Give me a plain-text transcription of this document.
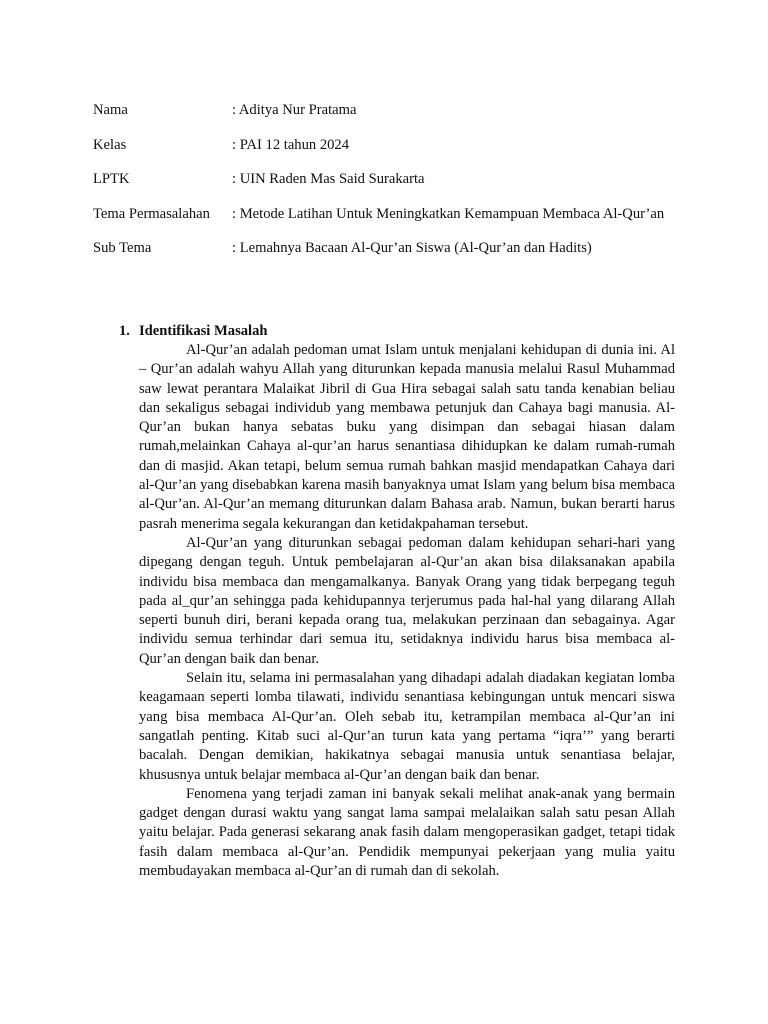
Nama	: Aditya Nur Pratama
Kelas	: PAI 12 tahun 2024
LPTK	: UIN Raden Mas Said Surakarta
Tema Permasalahan	: Metode Latihan Untuk Meningkatkan Kemampuan Membaca Al-Qur’an
Sub Tema	: Lemahnya Bacaan Al-Qur’an Siswa (Al-Qur’an dan Hadits)
1. Identifikasi Masalah

Al-Qur’an adalah pedoman umat Islam untuk menjalani kehidupan di dunia ini. Al – Qur’an adalah wahyu Allah yang diturunkan kepada manusia melalui Rasul Muhammad saw lewat perantara Malaikat Jibril di Gua Hira sebagai salah satu tanda kenabian beliau dan sekaligus sebagai individub yang membawa petunjuk dan Cahaya bagi manusia. Al-Qur’an bukan hanya sebatas buku yang disimpan dan sebagai hiasan dalam rumah,melainkan Cahaya al-qur’an harus senantiasa dihidupkan ke dalam rumah-rumah dan di masjid. Akan tetapi, belum semua rumah bahkan masjid mendapatkan Cahaya dari al-Qur’an yang disebabkan karena masih banyaknya umat Islam yang belum bisa membaca al-Qur’an. Al-Qur’an memang diturunkan dalam Bahasa arab. Namun, bukan berarti harus pasrah menerima segala kekurangan dan ketidakpahaman tersebut.

Al-Qur’an yang diturunkan sebagai pedoman dalam kehidupan sehari-hari yang dipegang dengan teguh. Untuk pembelajaran al-Qur’an akan bisa dilaksanakan apabila individu bisa membaca dan mengamalkanya. Banyak Orang yang tidak berpegang teguh pada al_qur’an sehingga pada kehidupannya terjerumus pada hal-hal yang dilarang Allah seperti bunuh diri, berani kepada orang tua, melakukan perzinaan dan sebagainya. Agar individu semua terhindar dari semua itu, setidaknya individu harus bisa membaca al-Qur’an dengan baik dan benar.

Selain itu, selama ini permasalahan yang dihadapi adalah diadakan kegiatan lomba keagamaan seperti lomba tilawati, individu senantiasa kebingungan untuk mencari siswa yang bisa membaca Al-Qur’an. Oleh sebab itu, ketrampilan membaca al-Qur’an ini sangatlah penting. Kitab suci al-Qur’an turun kata yang pertama “iqra’” yang berarti bacalah. Dengan demikian, hakikatnya sebagai manusia untuk senantiasa belajar, khususnya untuk belajar membaca al-Qur’an dengan baik dan benar.

Fenomena yang terjadi zaman ini banyak sekali melihat anak-anak yang bermain gadget dengan durasi waktu yang sangat lama sampai melalaikan salah satu pesan Allah yaitu belajar. Pada generasi sekarang anak fasih dalam mengoperasikan gadget, tetapi tidak fasih dalam membaca al-Qur’an. Pendidik mempunyai pekerjaan yang mulia yaitu membudayakan membaca al-Qur’an di rumah dan di sekolah.
